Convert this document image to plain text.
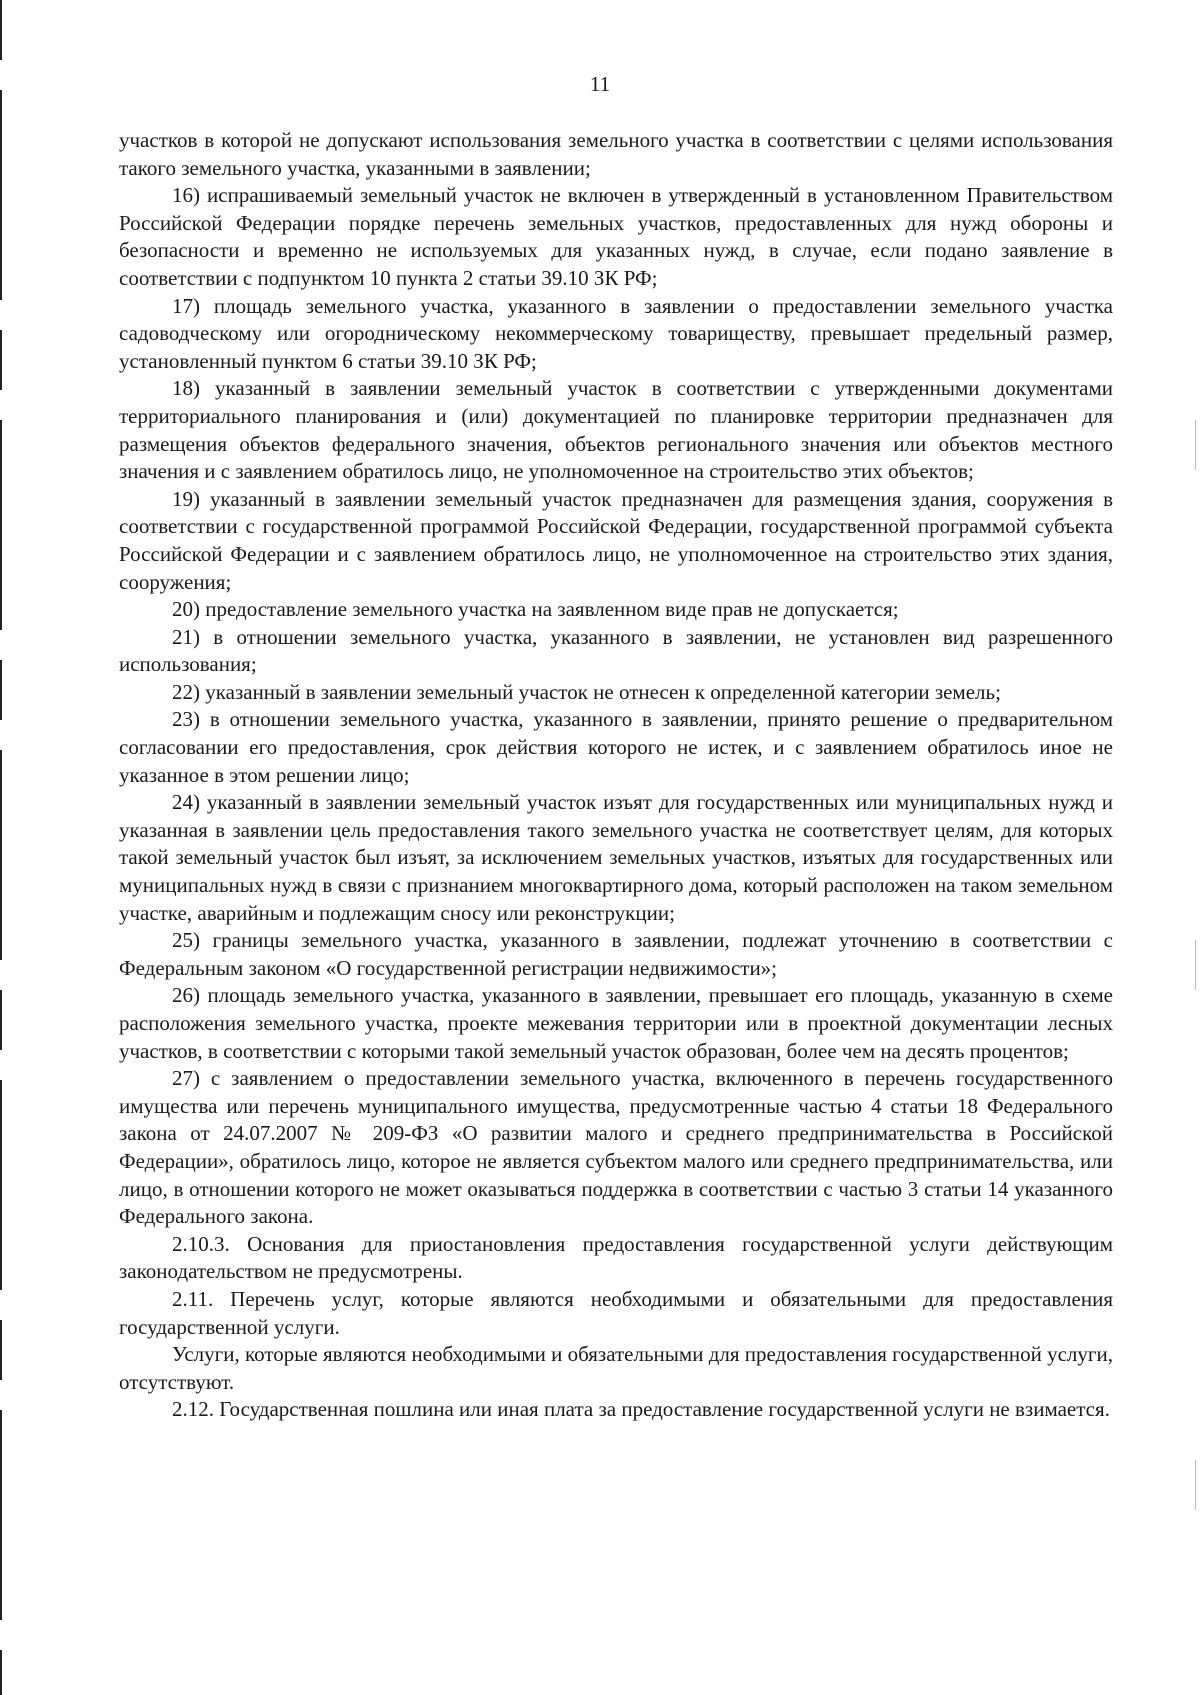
11

участков в которой не допускают использования земельного участка в соответствии с целями использования такого земельного участка, указанными в заявлении;

16) испрашиваемый земельный участок не включен в утвержденный в установленном Правительством Российской Федерации порядке перечень земельных участков, предоставленных для нужд обороны и безопасности и временно не используемых для указанных нужд, в случае, если подано заявление в соответствии с подпунктом 10 пункта 2 статьи 39.10 ЗК РФ;

17) площадь земельного участка, указанного в заявлении о предоставлении земельного участка садоводческому или огородническому некоммерческому товариществу, превышает предельный размер, установленный пунктом 6 статьи 39.10 ЗК РФ;

18) указанный в заявлении земельный участок в соответствии с утвержденными документами территориального планирования и (или) документацией по планировке территории предназначен для размещения объектов федерального значения, объектов регионального значения или объектов местного значения и с заявлением обратилось лицо, не уполномоченное на строительство этих объектов;

19) указанный в заявлении земельный участок предназначен для размещения здания, сооружения в соответствии с государственной программой Российской Федерации, государственной программой субъекта Российской Федерации и с заявлением обратилось лицо, не уполномоченное на строительство этих здания, сооружения;

20) предоставление земельного участка на заявленном виде прав не допускается;

21) в отношении земельного участка, указанного в заявлении, не установлен вид разрешенного использования;

22) указанный в заявлении земельный участок не отнесен к определенной категории земель;

23) в отношении земельного участка, указанного в заявлении, принято решение о предварительном согласовании его предоставления, срок действия которого не истек, и с заявлением обратилось иное не указанное в этом решении лицо;

24) указанный в заявлении земельный участок изъят для государственных или муниципальных нужд и указанная в заявлении цель предоставления такого земельного участка не соответствует целям, для которых такой земельный участок был изъят, за исключением земельных участков, изъятых для государственных или муниципальных нужд в связи с признанием многоквартирного дома, который расположен на таком земельном участке, аварийным и подлежащим сносу или реконструкции;

25) границы земельного участка, указанного в заявлении, подлежат уточнению в соответствии с Федеральным законом «О государственной регистрации недвижимости»;

26) площадь земельного участка, указанного в заявлении, превышает его площадь, указанную в схеме расположения земельного участка, проекте межевания территории или в проектной документации лесных участков, в соответствии с которыми такой земельный участок образован, более чем на десять процентов;

27) с заявлением о предоставлении земельного участка, включенного в перечень государственного имущества или перечень муниципального имущества, предусмотренные частью 4 статьи 18 Федерального закона от 24.07.2007 № 209-ФЗ «О развитии малого и среднего предпринимательства в Российской Федерации», обратилось лицо, которое не является субъектом малого или среднего предпринимательства, или лицо, в отношении которого не может оказываться поддержка в соответствии с частью 3 статьи 14 указанного Федерального закона.

2.10.3. Основания для приостановления предоставления государственной услуги действующим законодательством не предусмотрены.

2.11. Перечень услуг, которые являются необходимыми и обязательными для предоставления государственной услуги.

Услуги, которые являются необходимыми и обязательными для предоставления государственной услуги, отсутствуют.

2.12. Государственная пошлина или иная плата за предоставление государственной услуги не взимается.
